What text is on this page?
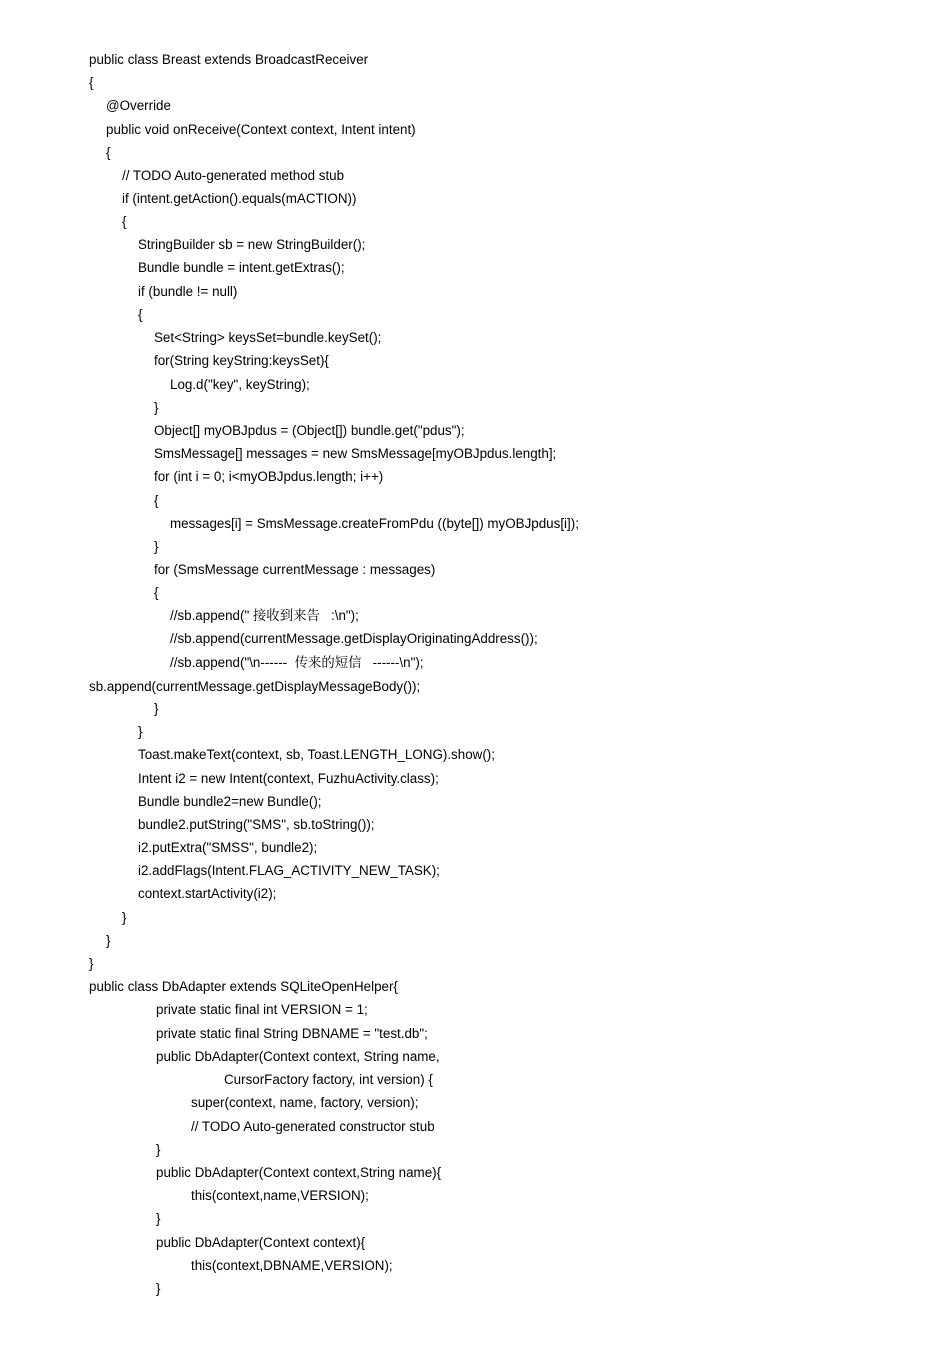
public class Breast extends BroadcastReceiver
{
@Override
public void onReceive(Context context, Intent intent)
{
// TODO Auto-generated method stub
if (intent.getAction().equals(mACTION))
{
StringBuilder sb = new StringBuilder();
Bundle bundle = intent.getExtras();
if (bundle != null)
{
Set<String> keysSet=bundle.keySet();
for(String keyString:keysSet){
Log.d("key", keyString);
}
Object[] myOBJpdus = (Object[]) bundle.get("pdus");
SmsMessage[] messages = new SmsMessage[myOBJpdus.length];
for (int i = 0; i<myOBJpdus.length; i++)
{
messages[i] = SmsMessage.createFromPdu ((byte[]) myOBJpdus[i]);
}
for (SmsMessage currentMessage : messages)
{
//sb.append(" 接收到来告   :\n");
//sb.append(currentMessage.getDisplayOriginatingAddress());
//sb.append("\n------  传来的短信   ------\n");
sb.append(currentMessage.getDisplayMessageBody());
}
}
Toast.makeText(context, sb, Toast.LENGTH_LONG).show();
Intent i2 = new Intent(context, FuzhuActivity.class);
Bundle bundle2=new Bundle();
bundle2.putString("SMS", sb.toString());
i2.putExtra("SMSS", bundle2);
i2.addFlags(Intent.FLAG_ACTIVITY_NEW_TASK);
context.startActivity(i2);
}
}
}
public class DbAdapter extends SQLiteOpenHelper{
private static final int VERSION = 1;
private static final String DBNAME = "test.db";
public DbAdapter(Context context, String name,
CursorFactory factory, int version) {
super(context, name, factory, version);
// TODO Auto-generated constructor stub
}
public DbAdapter(Context context,String name){
this(context,name,VERSION);
}
public DbAdapter(Context context){
this(context,DBNAME,VERSION);
}
